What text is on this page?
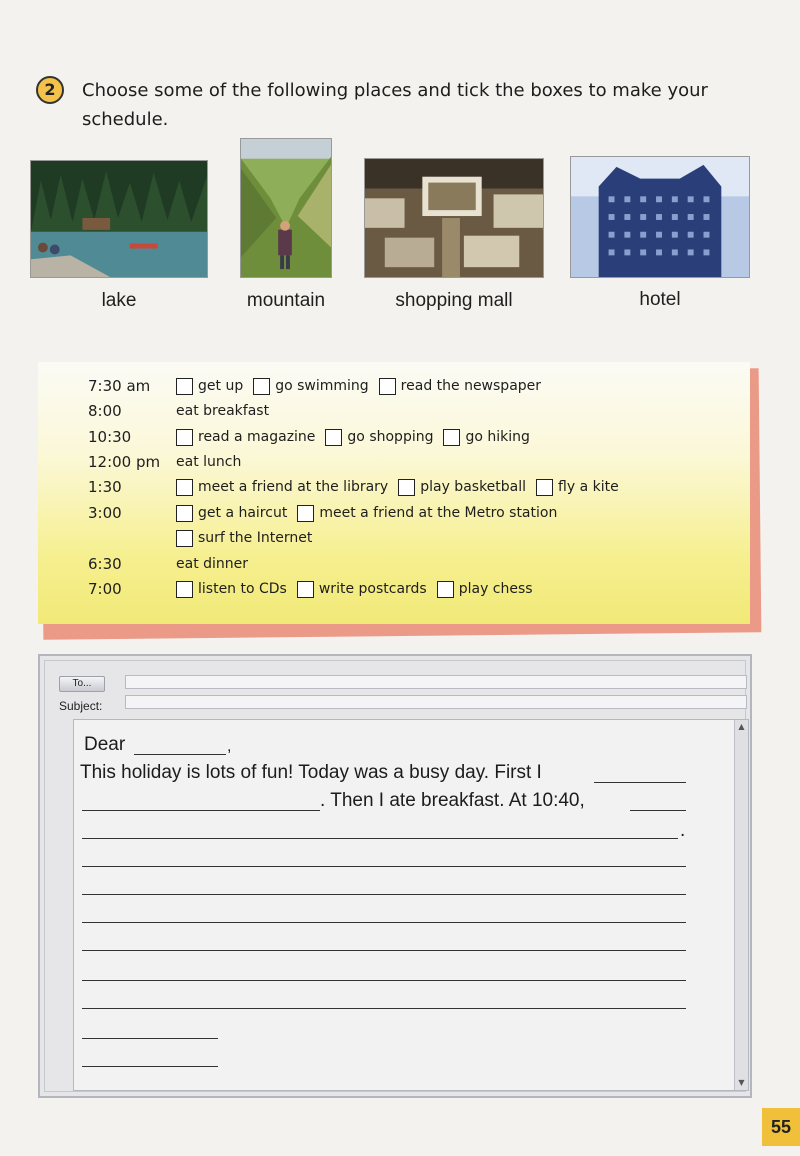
2	Choose some of the following places and tick the boxes to make your schedule.
lake	mountain	shopping mall	hotel
7:30 am	get up go swimming read the newspaper
8:00	eat breakfast
10:30	read a magazine go shopping go hiking
12:00 pm	eat lunch
1:30	meet a friend at the library play basketball fly a kite
3:00	get a haircut meet a friend at the Metro station
surf the Internet
6:30	eat dinner
7:00	listen to CDs write postcards play chess
To...
Subject:
▲
▼
Dear	,
This holiday is lots of fun! Today was a busy day. First I
. Then I ate breakfast. At 10:40,
.
55
